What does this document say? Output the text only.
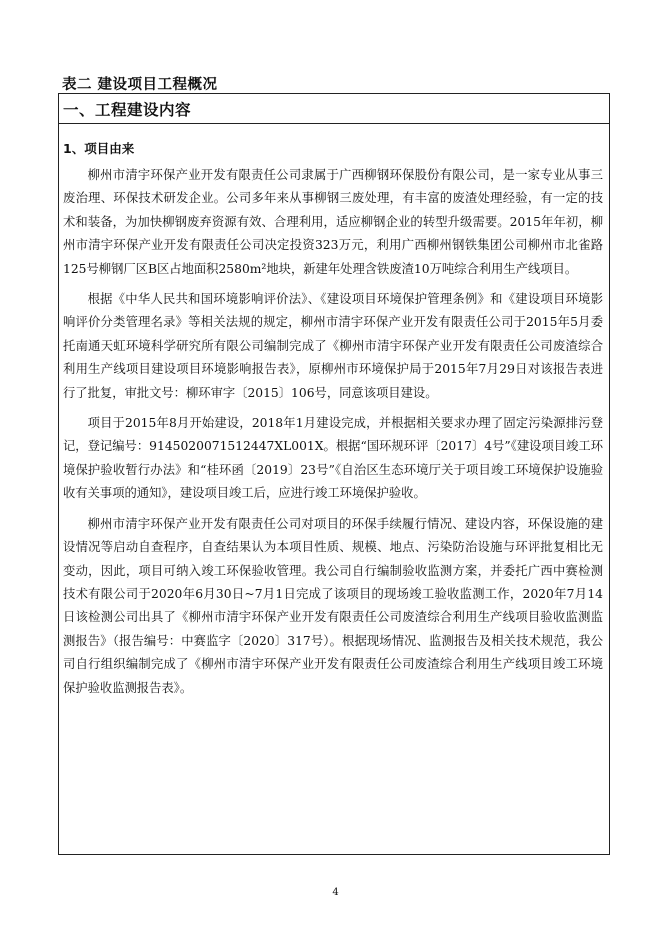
表二 建设项目工程概况
一、工程建设内容
1、项目由来

柳州市清宇环保产业开发有限责任公司隶属于广西柳钢环保股份有限公司，是一家专业从事三废治理、环保技术研发企业。公司多年来从事柳钢三废处理，有丰富的废渣处理经验，有一定的技术和装备，为加快柳钢废弃资源有效、合理利用，适应柳钢企业的转型升级需要。2015年年初，柳州市清宇环保产业开发有限责任公司决定投资323万元，利用广西柳州钢铁集团公司柳州市北雀路125号柳钢厂区B区占地面积2580m²地块，新建年处理含铁废渣10万吨综合利用生产线项目。

根据《中华人民共和国环境影响评价法》、《建设项目环境保护管理条例》和《建设项目环境影响评价分类管理名录》等相关法规的规定，柳州市清宇环保产业开发有限责任公司于2015年5月委托南通天虹环境科学研究所有限公司编制完成了《柳州市清宇环保产业开发有限责任公司废渣综合利用生产线项目建设项目环境影响报告表》，原柳州市环境保护局于2015年7月29日对该报告表进行了批复，审批文号：柳环审字〔2015〕106号，同意该项目建设。

项目于2015年8月开始建设，2018年1月建设完成，并根据相关要求办理了固定污染源排污登记，登记编号：9145020071512447XL001X。根据“国环规环评〔2017〕4号”《建设项目竣工环境保护验收暂行办法》和“桂环函〔2019〕23号”《自治区生态环境厅关于项目竣工环境保护设施验收有关事项的通知》，建设项目竣工后，应进行竣工环境保护验收。

柳州市清宇环保产业开发有限责任公司对项目的环保手续履行情况、建设内容，环保设施的建设情况等启动自查程序，自查结果认为本项目性质、规模、地点、污染防治设施与环评批复相比无变动，因此，项目可纳入竣工环保验收管理。我公司自行编制验收监测方案，并委托广西中赛检测技术有限公司于2020年6月30日~7月1日完成了该项目的现场竣工验收监测工作，2020年7月14日该检测公司出具了《柳州市清宇环保产业开发有限责任公司废渣综合利用生产线项目验收监测监测报告》（报告编号：中赛监字〔2020〕317号）。根据现场情况、监测报告及相关技术规范，我公司自行组织编制完成了《柳州市清宇环保产业开发有限责任公司废渣综合利用生产线项目竣工环境保护验收监测报告表》。

4
